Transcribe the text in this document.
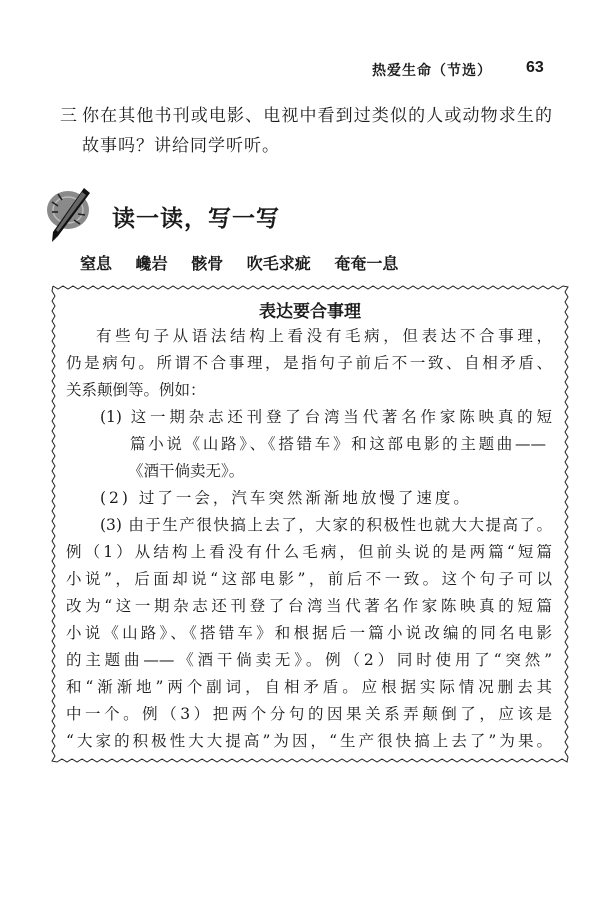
热爱生命（节选） 63
三 你在其他书刊或电影、电视中看到过类似的人或动物求生的
故事吗？讲给同学听听。
读一读，写一写
窒息 巉岩 骸骨 吹毛求疵 奄奄一息
表达要合事理
有些句子从语法结构上看没有毛病，但表达不合事理，
仍是病句。所谓不合事理，是指句子前后不一致、自相矛盾、
关系颠倒等。例如：
(1) 这一期杂志还刊登了台湾当代著名作家陈映真的短
篇小说《山路》、《搭错车》和这部电影的主题曲——
《酒干倘卖无》。
(2) 过了一会，汽车突然渐渐地放慢了速度。
(3) 由于生产很快搞上去了，大家的积极性也就大大提高了。
例（1）从结构上看没有什么毛病，但前头说的是两篇“短篇
小说”，后面却说“这部电影”，前后不一致。这个句子可以
改为“这一期杂志还刊登了台湾当代著名作家陈映真的短篇
小说《山路》、《搭错车》和根据后一篇小说改编的同名电影
的主题曲——《酒干倘卖无》。例（2）同时使用了“突然”
和“渐渐地”两个副词，自相矛盾。应根据实际情况删去其
中一个。例（3）把两个分句的因果关系弄颠倒了，应该是
“大家的积极性大大提高”为因，“生产很快搞上去了”为果。
